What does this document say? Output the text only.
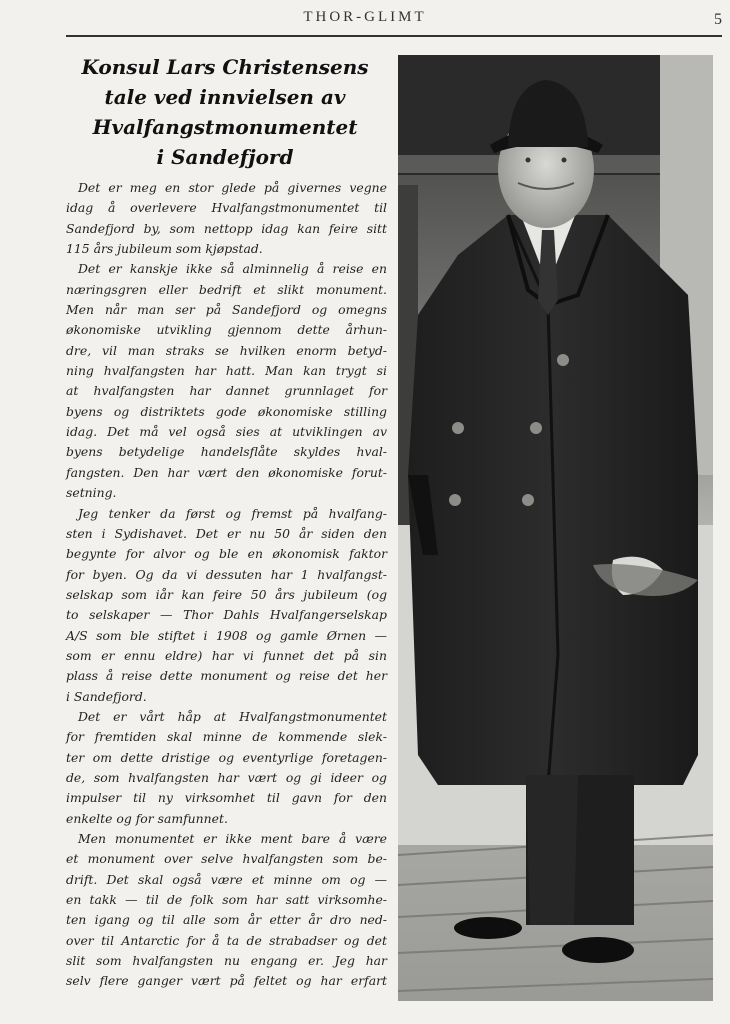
THOR-GLIMT	5
Konsul Lars Christensens
tale ved innvielsen av
Hvalfangstmonumentet
i Sandefjord
Det er meg en stor glede på givernes vegne
idag å overlevere Hvalfangstmonumentet til
Sandefjord by, som nettopp idag kan feire sitt
115 års jubileum som kjøpstad.
Det er kanskje ikke så alminnelig å reise en
næringsgren eller bedrift et slikt monument.
Men når man ser på Sandefjord og omegns
økonomiske utvikling gjennom dette århun-
dre, vil man straks se hvilken enorm betyd-
ning hvalfangsten har hatt. Man kan trygt si
at hvalfangsten har dannet grunnlaget for
byens og distriktets gode økonomiske stilling
idag. Det må vel også sies at utviklingen av
byens betydelige handelsflåte skyldes hval-
fangsten. Den har vært den økonomiske forut-
setning.
Jeg tenker da først og fremst på hvalfang-
sten i Sydishavet. Det er nu 50 år siden den
begynte for alvor og ble en økonomisk faktor
for byen. Og da vi dessuten har 1 hvalfangst-
selskap som iår kan feire 50 års jubileum (og
to selskaper — Thor Dahls Hvalfangerselskap
A/S som ble stiftet i 1908 og gamle Ørnen —
som er ennu eldre) har vi funnet det på sin
plass å reise dette monument og reise det her
i Sandefjord.
Det er vårt håp at Hvalfangstmonumentet
for fremtiden skal minne de kommende slek-
ter om dette dristige og eventyrlige foretagen-
de, som hvalfangsten har vært og gi ideer og
impulser til ny virksomhet til gavn for den
enkelte og for samfunnet.
Men monumentet er ikke ment bare å være
et monument over selve hvalfangsten som be-
drift. Det skal også være et minne om og —
en takk — til de folk som har satt virksomhe-
ten igang og til alle som år etter år dro ned-
over til Antarctic for å ta de strabadser og det
slit som hvalfangsten nu engang er. Jeg har
selv flere ganger vært på feltet og har erfart
